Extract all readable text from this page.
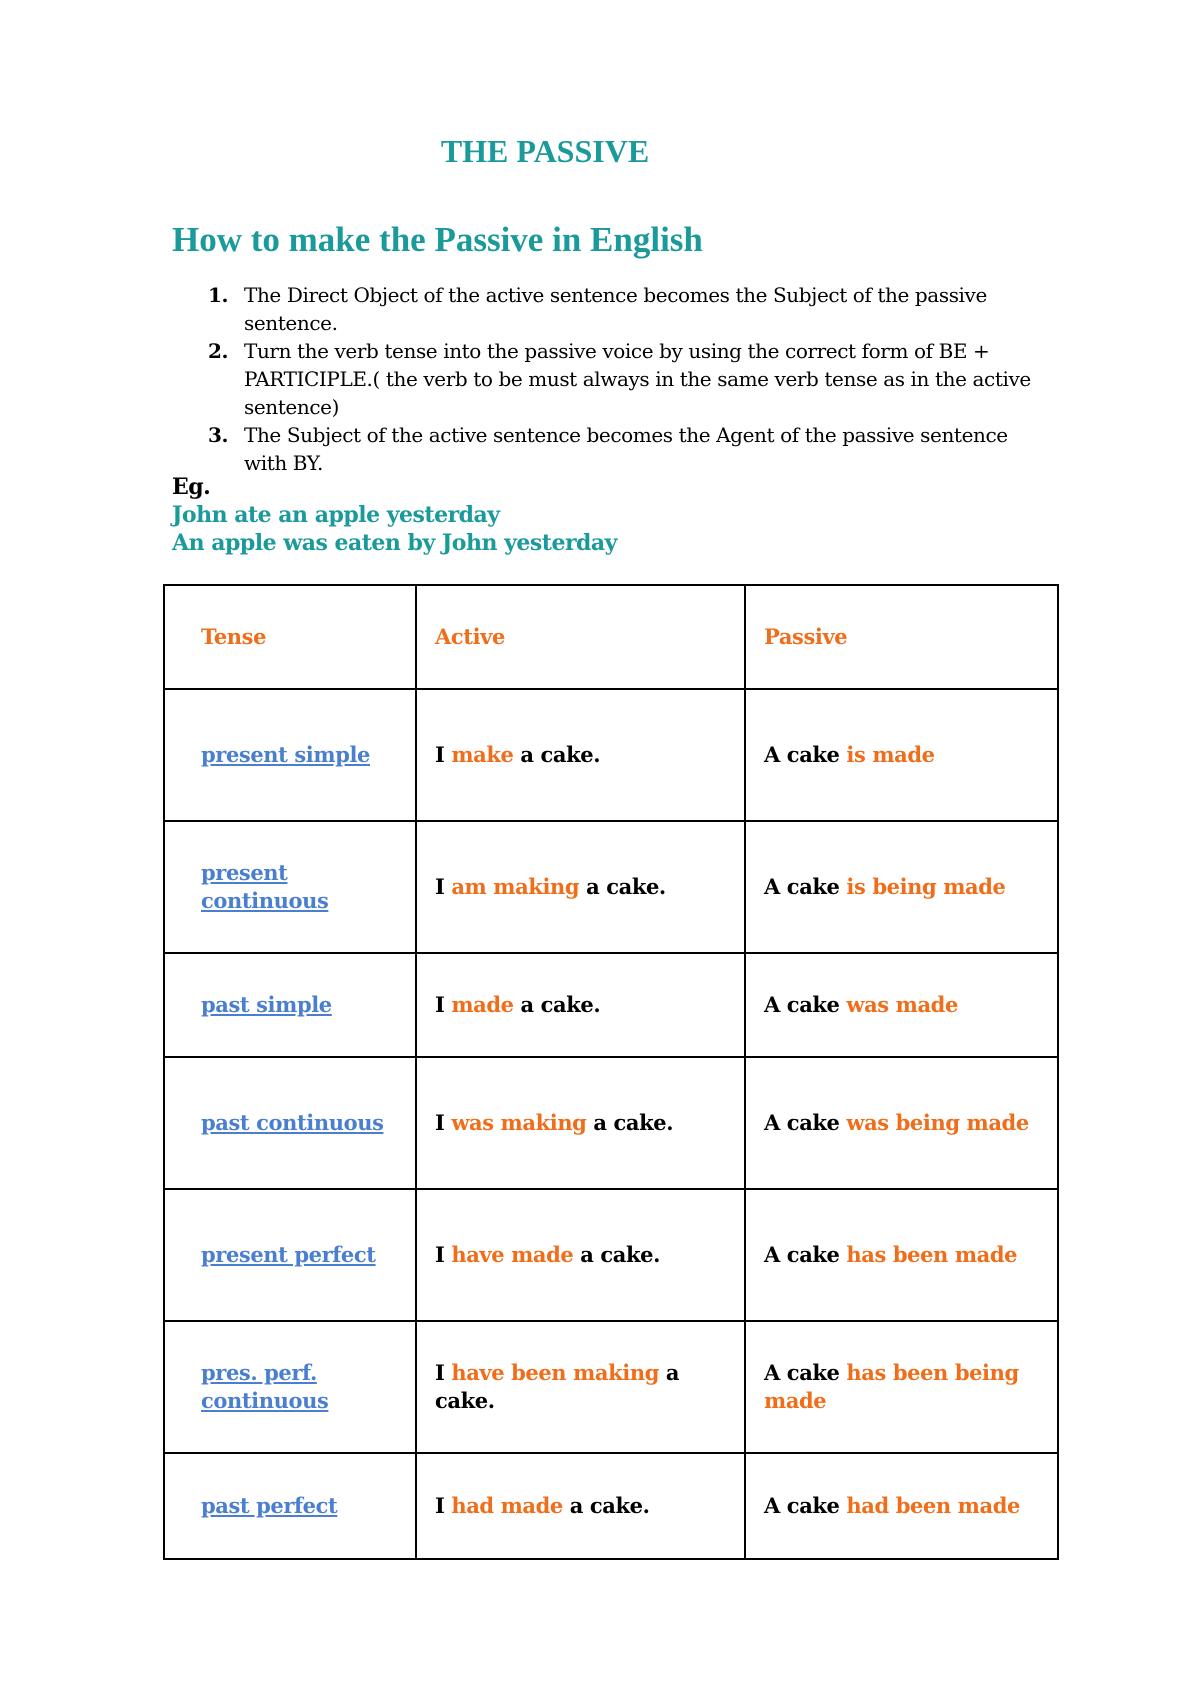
THE PASSIVE
How to make the Passive in English
1. The Direct Object of the active sentence becomes the Subject of the passive sentence.
2. Turn the verb tense into the passive voice by using the correct form of BE + PARTICIPLE.( the verb to be must always in the same verb tense as in the active sentence)
3. The Subject of the active sentence becomes the Agent of the passive sentence with BY.
Eg.
John ate an apple yesterday
An apple was eaten by John yesterday
Tense	Active	Passive
present simple	I make a cake.	A cake is made
present continuous	I am making a cake.	A cake is being made
past simple	I made a cake.	A cake was made
past continuous	I was making a cake.	A cake was being made
present perfect	I have made a cake.	A cake has been made
pres. perf. continuous	I have been making a cake.	A cake has been being made
past perfect	I had made a cake.	A cake had been made
